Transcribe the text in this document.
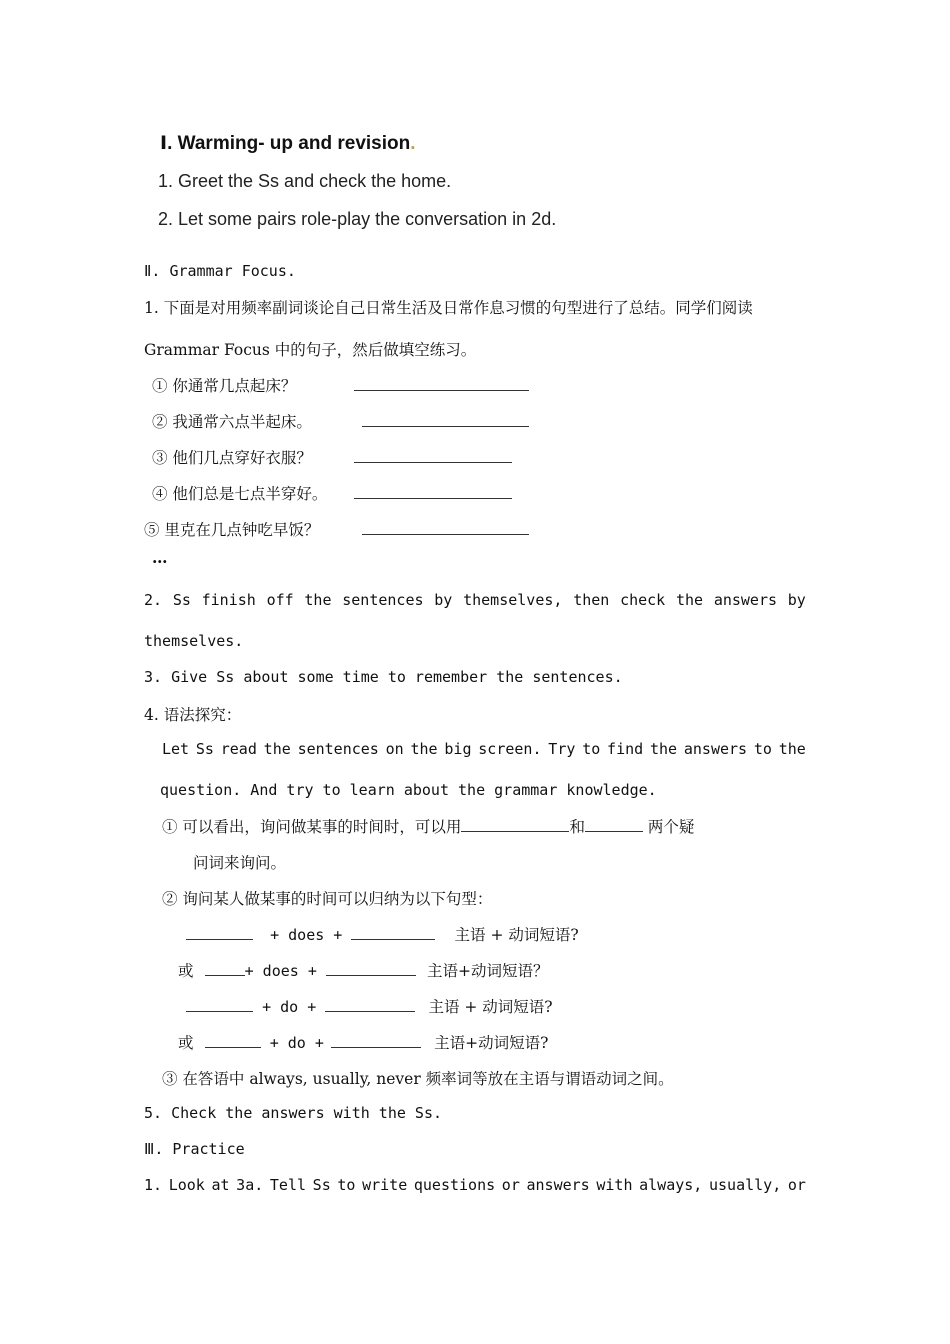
Ⅰ. Warming- up and revision.
1. Greet the Ss and check the home.
2. Let some pairs role-play the conversation in 2d.
Ⅱ. Grammar Focus.
1. 下面是对用频率副词谈论自己日常生活及日常作息习惯的句型进行了总结。同学们阅读
Grammar Focus 中的句子，然后做填空练习。
① 你通常几点起床？
② 我通常六点半起床。
③ 他们几点穿好衣服？
④ 他们总是七点半穿好。
⑤ 里克在几点钟吃早饭？
…
2. Ss finish off the sentences by themselves, then check the answers by
themselves.
3. Give Ss about some time to remember the sentences.
4. 语法探究：
Let Ss read the sentences on the big screen. Try to find the answers to the
question. And try to learn about the grammar knowledge.
① 可以看出，询问做某事的时间时，可以用	和	两个疑
问词来询问。
② 询问某人做某事的时间可以归纳为以下句型：
+ does +	主语 + 动词短语?
或	+ does +	主语+动词短语？
+ do +	主语 + 动词短语?
或	+ do +	主语+动词短语?
③ 在答语中 always, usually, never 频率词等放在主语与谓语动词之间。
5. Check the answers with the Ss.
Ⅲ. Practice
1. Look at 3a. Tell Ss to write questions or answers with always, usually, or
